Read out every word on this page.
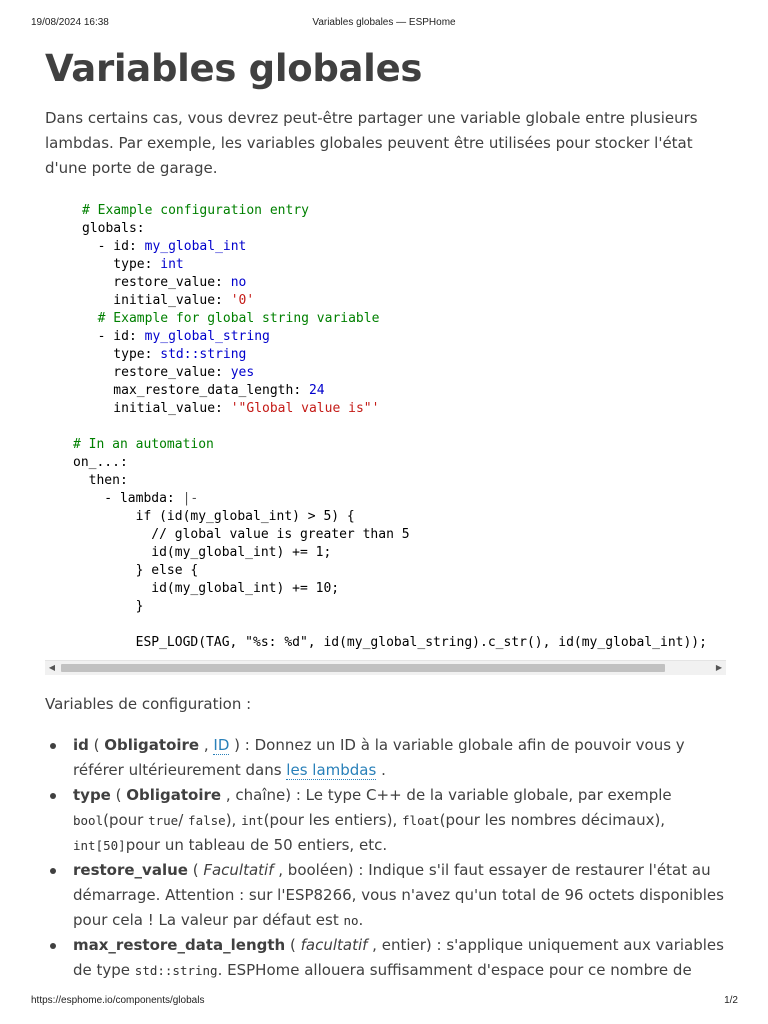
19/08/2024 16:38	Variables globales — ESPHome
Variables globales

Dans certains cas, vous devrez peut-être partager une variable globale entre plusieurs lambdas. Par exemple, les variables globales peuvent être utilisées pour stocker l'état d'une porte de garage.

# Example configuration entry
globals:
- id: my_global_int
type: int
restore_value: no
initial_value: '0'
# Example for global string variable
- id: my_global_string
type: std::string
restore_value: yes
max_restore_data_length: 24
initial_value: '"Global value is"'
# In an automation
on_...:
then:
- lambda: |-
if (id(my_global_int) > 5) {
// global value is greater than 5
id(my_global_int) += 1;
} else {
id(my_global_int) += 10;
}
ESP_LOGD(TAG, "%s: %d", id(my_global_string).c_str(), id(my_global_int));
◀	▶

Variables de configuration :

id ( Obligatoire , ID ) : Donnez un ID à la variable globale afin de pouvoir vous y référer ultérieurement dans les lambdas .
type ( Obligatoire , chaîne) : Le type C++ de la variable globale, par exemple bool(pour true/ false), int(pour les entiers), float(pour les nombres décimaux), int[50]pour un tableau de 50 entiers, etc.
restore_value ( Facultatif , booléen) : Indique s'il faut essayer de restaurer l'état au démarrage. Attention : sur l'ESP8266, vous n'avez qu'un total de 96 octets disponibles pour cela ! La valeur par défaut est no.
max_restore_data_length ( facultatif , entier) : s'applique uniquement aux variables de type std::string. ESPHome allouera suffisamment d'espace pour ce nombre de
https://esphome.io/components/globals	1/2
